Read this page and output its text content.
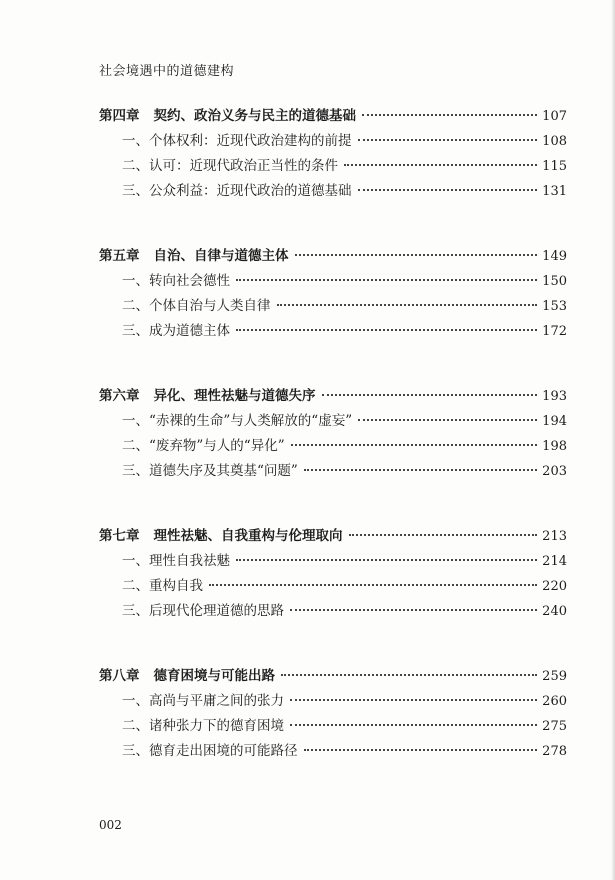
社会境遇中的道德建构
第四章 契约、政治义务与民主的道德基础	107
一、个体权利：近现代政治建构的前提	108
二、认可：近现代政治正当性的条件	115
三、公众利益：近现代政治的道德基础	131
第五章 自治、自律与道德主体	149
一、转向社会德性	150
二、个体自治与人类自律	153
三、成为道德主体	172
第六章 异化、理性祛魅与道德失序	193
一、“赤裸的生命”与人类解放的“虚妄”	194
二、“废弃物”与人的“异化”	198
三、道德失序及其奠基“问题”	203
第七章 理性祛魅、自我重构与伦理取向	213
一、理性自我祛魅	214
二、重构自我	220
三、后现代伦理道德的思路	240
第八章 德育困境与可能出路	259
一、高尚与平庸之间的张力	260
二、诸种张力下的德育困境	275
三、德育走出困境的可能路径	278
002
